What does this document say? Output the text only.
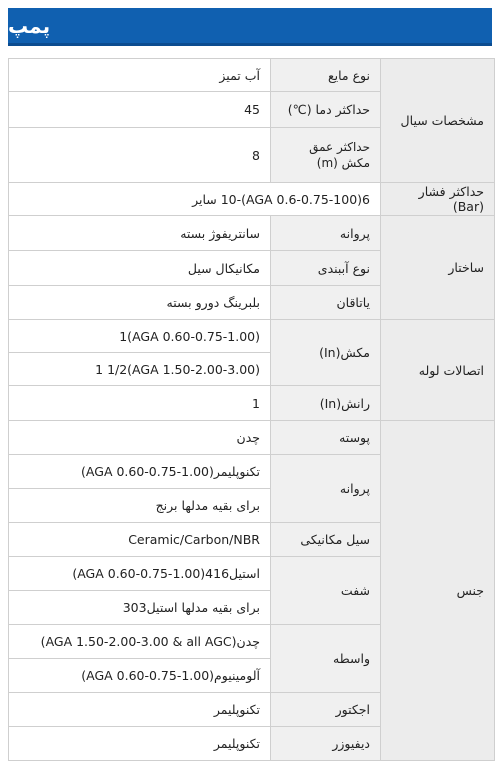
پمپ
مشخصات سیال	نوع مایع	آب تمیز
	حداکثر دما (℃)	45
	حداکثر عمق مکش (m)	8
حداکثر فشار (Bar)	6(AGA 0.6-0.75-100)-10 سایر	
ساختار	پروانه	سانتریفوژ بسته
	نوع آببندی	مکانیکال سیل
	یاتاقان	بلبرینگ دورو بسته
اتصالات لوله	مکش(In)	1(AGA 0.60-0.75-1.00)
		1 1/2(AGA 1.50-2.00-3.00)
	رانش(In)	1
جنس	پوسته	چدن
	پروانه	تکنوپلیمر(AGA 0.60-0.75-1.00)
		برای بقیه مدلها برنج
	سیل مکانیکی	Ceramic/Carbon/NBR
	شفت	استیل416(AGA 0.60-0.75-1.00)
		برای بقیه مدلها استیل303
	واسطه	چدن(AGA 1.50-2.00-3.00 & all AGC)
		آلومینیوم(AGA 0.60-0.75-1.00)
	اجکتور	تکنوپلیمر
	دیفیوزر	تکنوپلیمر
